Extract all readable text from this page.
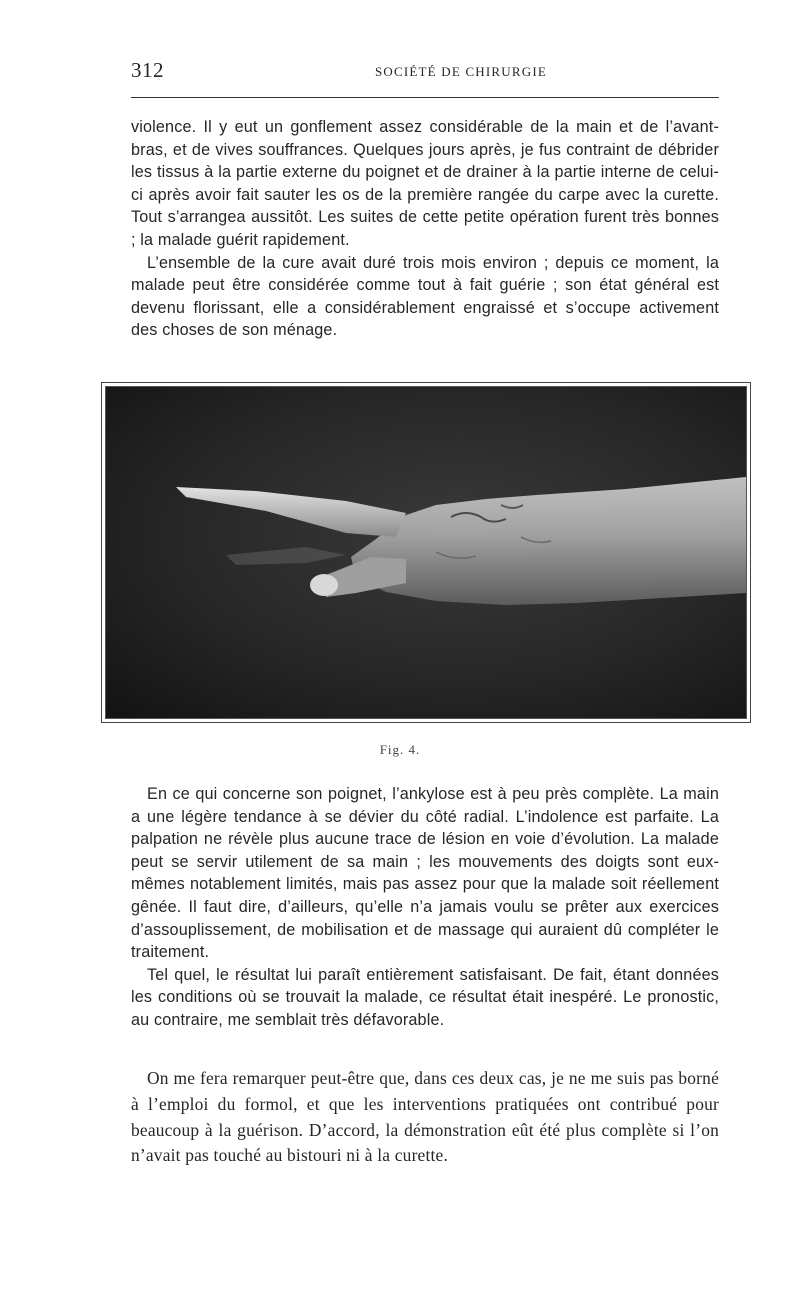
312	SOCIÉTÉ DE CHIRURGIE

violence. Il y eut un gonflement assez considérable de la main et de l’avant-bras, et de vives souffrances. Quelques jours après, je fus contraint de débrider les tissus à la partie externe du poignet et de drainer à la partie interne de celui-ci après avoir fait sauter les os de la première rangée du carpe avec la curette. Tout s’arrangea aussitôt. Les suites de cette petite opération furent très bonnes ; la malade guérit rapidement.

L’ensemble de la cure avait duré trois mois environ ; depuis ce moment, la malade peut être considérée comme tout à fait guérie ; son état général est devenu florissant, elle a considérablement engraissé et s’occupe activement des choses de son ménage.

Fig. 4.

En ce qui concerne son poignet, l’ankylose est à peu près complète. La main a une légère tendance à se dévier du côté radial. L’indolence est parfaite. La palpation ne révèle plus aucune trace de lésion en voie d’évolution. La malade peut se servir utilement de sa main ; les mouvements des doigts sont eux-mêmes notablement limités, mais pas assez pour que la malade soit réellement gênée. Il faut dire, d’ailleurs, qu’elle n’a jamais voulu se prêter aux exercices d’assouplissement, de mobilisation et de massage qui auraient dû compléter le traitement.

Tel quel, le résultat lui paraît entièrement satisfaisant. De fait, étant données les conditions où se trouvait la malade, ce résultat était inespéré. Le pronostic, au contraire, me semblait très défavorable.

On me fera remarquer peut-être que, dans ces deux cas, je ne me suis pas borné à l’emploi du formol, et que les interventions pratiquées ont contribué pour beaucoup à la guérison. D’accord, la démonstration eût été plus complète si l’on n’avait pas touché au bistouri ni à la curette.
